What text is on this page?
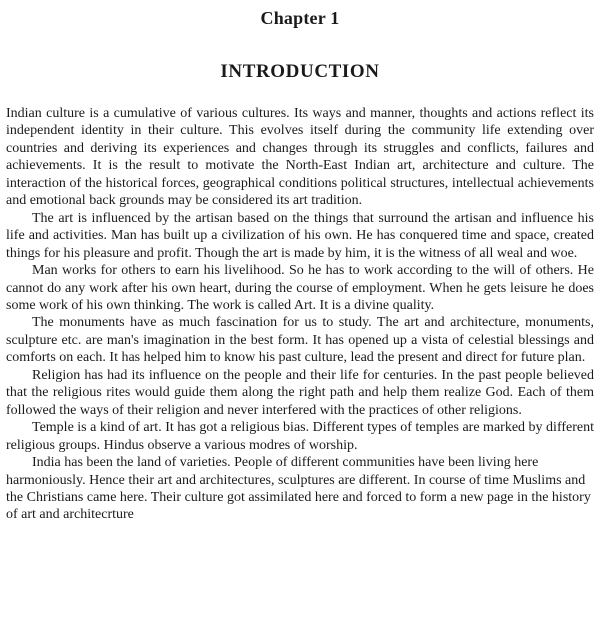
Chapter 1
INTRODUCTION

Indian culture is a cumulative of various cultures. Its ways and manner, thoughts and actions reflect its independent identity in their culture. This evolves itself during the community life extending over countries and deriving its experiences and changes through its struggles and conflicts, failures and achievements. It is the result to motivate the North-East Indian art, architecture and culture. The interaction of the historical forces, geographical conditions political structures, intellectual achievements and emotional back grounds may be considered its art tradition.

The art is influenced by the artisan based on the things that surround the artisan and influence his life and activities. Man has built up a civilization of his own. He has conquered time and space, created things for his pleasure and profit. Though the art is made by him, it is the witness of all weal and woe.

Man works for others to earn his livelihood. So he has to work according to the will of others. He cannot do any work after his own heart, during the course of employment. When he gets leisure he does some work of his own thinking. The work is called Art. It is a divine quality.

The monuments have as much fascination for us to study. The art and architecture, monuments, sculpture etc. are man's imagination in the best form. It has opened up a vista of celestial blessings and comforts on each. It has helped him to know his past culture, lead the present and direct for future plan.

Religion has had its influence on the people and their life for centuries. In the past people believed that the religious rites would guide them along the right path and help them realize God. Each of them followed the ways of their religion and never interfered with the practices of other religions.

Temple is a kind of art. It has got a religious bias. Different types of temples are marked by different religious groups. Hindus observe a various modres of worship.

India has been the land of varieties. People of different communities have been living here harmoniously. Hence their art and architectures, sculptures are different. In course of time Muslims and the Christians came here. Their culture got assimilated here and forced to form a new page in the history of art and architecrture
